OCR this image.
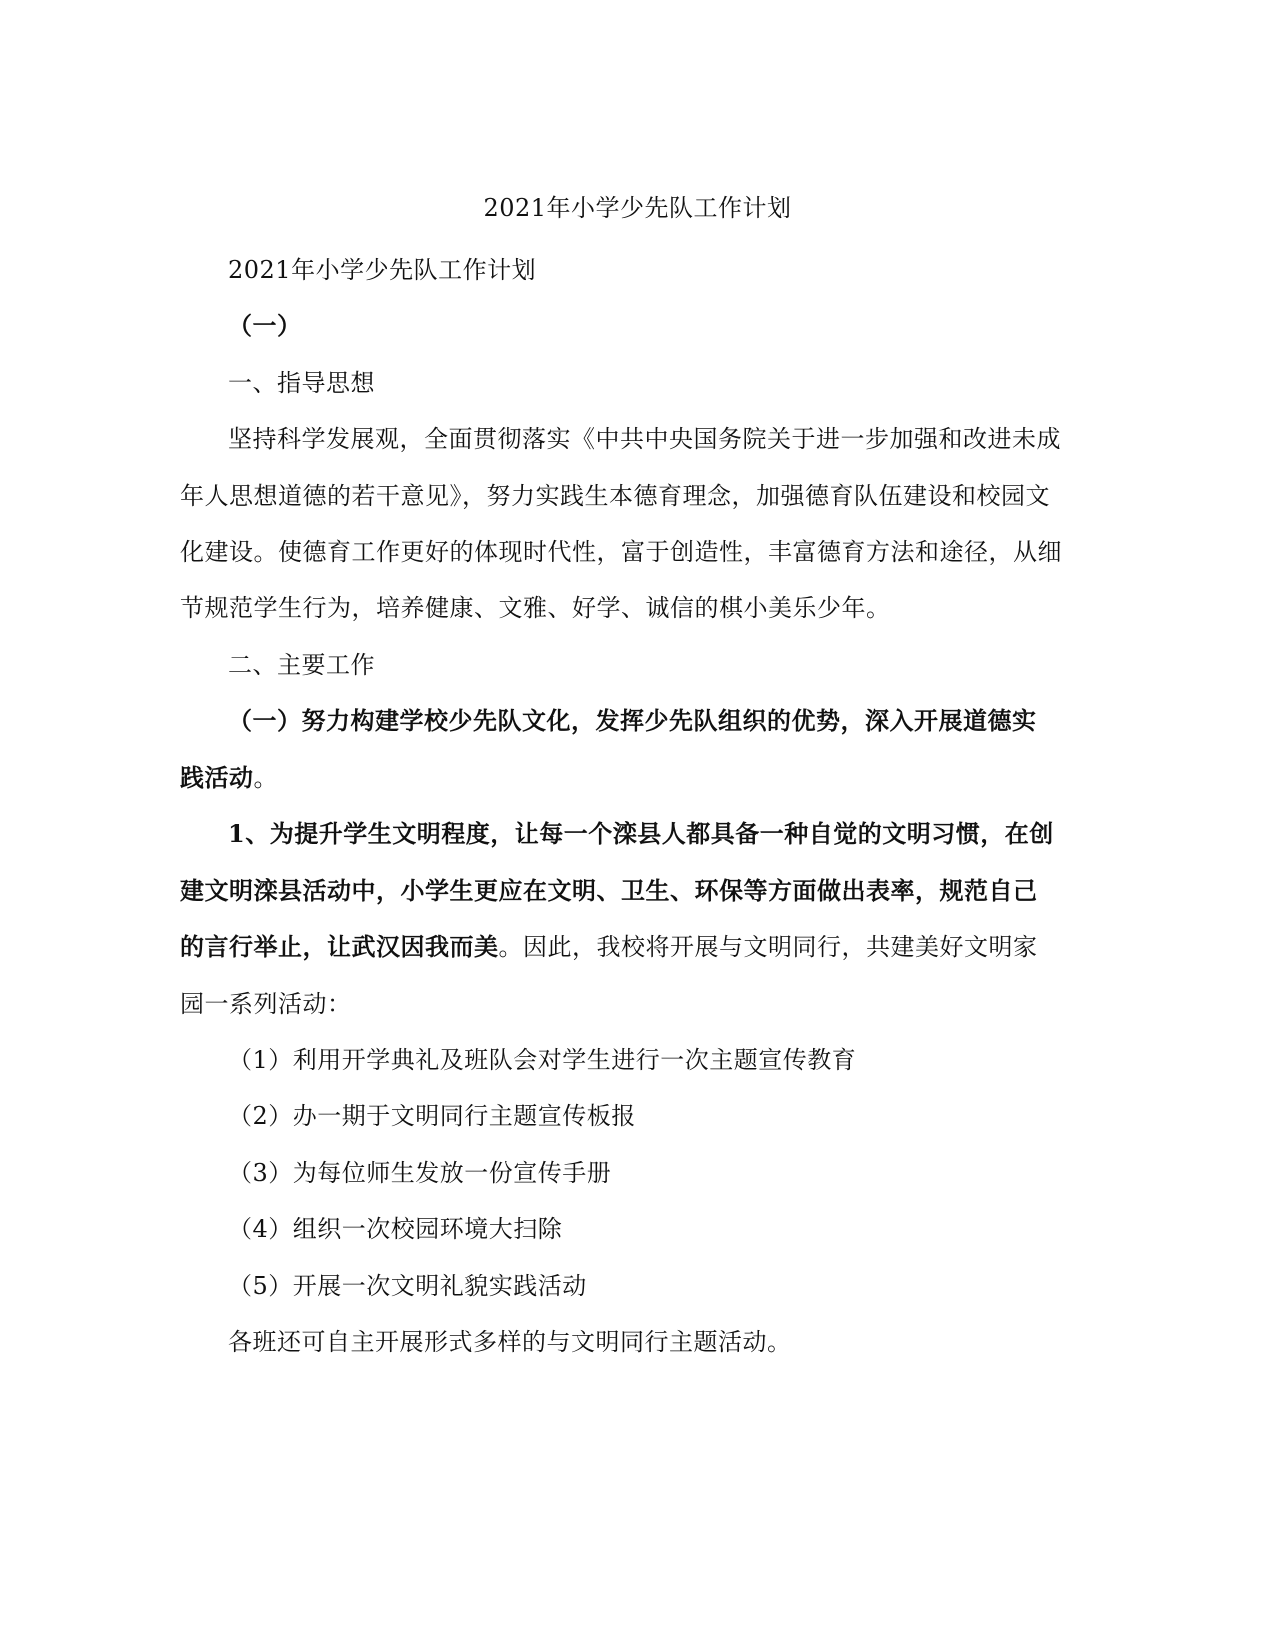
2021年小学少先队工作计划
2021年小学少先队工作计划
（一）
一、指导思想
坚持科学发展观，全面贯彻落实《中共中央国务院关于进一步加强和改进未成
年人思想道德的若干意见》，努力实践生本德育理念，加强德育队伍建设和校园文
化建设。使德育工作更好的体现时代性，富于创造性，丰富德育方法和途径，从细
节规范学生行为，培养健康、文雅、好学、诚信的棋小美乐少年。
二、主要工作
（一）努力构建学校少先队文化，发挥少先队组织的优势，深入开展道德实
践活动。
1、为提升学生文明程度，让每一个滦县人都具备一种自觉的文明习惯，在创
建文明滦县活动中，小学生更应在文明、卫生、环保等方面做出表率，规范自己
的言行举止，让武汉因我而美。因此，我校将开展与文明同行，共建美好文明家
园一系列活动：
（1）利用开学典礼及班队会对学生进行一次主题宣传教育
（2）办一期于文明同行主题宣传板报
（3）为每位师生发放一份宣传手册
（4）组织一次校园环境大扫除
（5）开展一次文明礼貌实践活动
各班还可自主开展形式多样的与文明同行主题活动。
